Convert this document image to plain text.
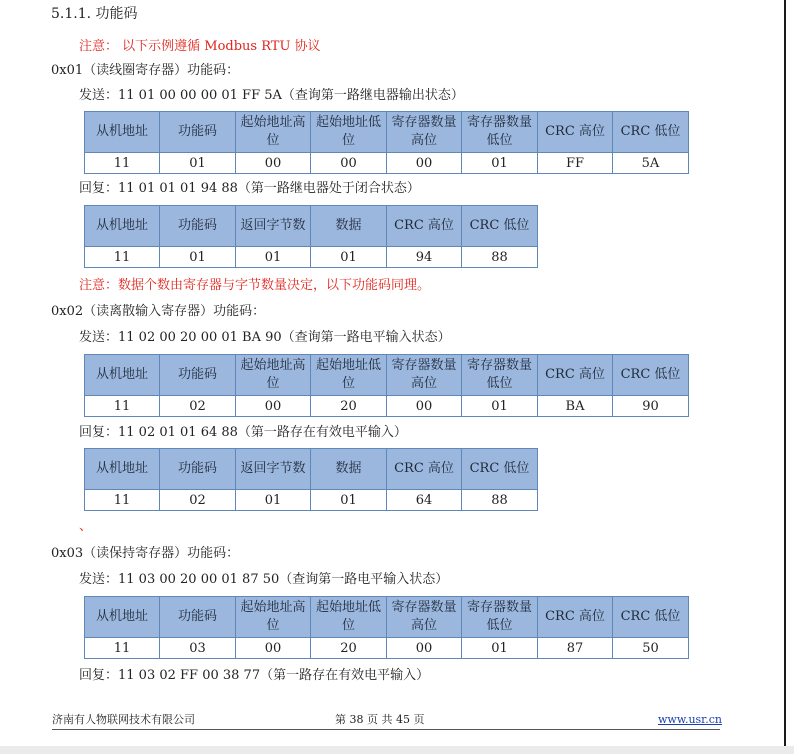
5.1.1. 功能码
注意： 以下示例遵循 Modbus RTU 协议
0x01（读线圈寄存器）功能码：
发送：11 01 00 00 00 01 FF 5A（查询第一路继电器输出状态）
从机地址	功能码	起始地址高位	起始地址低位	寄存器数量高位	寄存器数量低位	CRC 高位	CRC 低位
11	01	00	00	00	01	FF	5A
回复：11 01 01 01 94 88（第一路继电器处于闭合状态）
从机地址	功能码	返回字节数	数据	CRC 高位	CRC 低位
11	01	01	01	94	88
注意：数据个数由寄存器与字节数量决定，以下功能码同理。
0x02（读离散输入寄存器）功能码：
发送：11 02 00 20 00 01 BA 90（查询第一路电平输入状态）
从机地址	功能码	起始地址高位	起始地址低位	寄存器数量高位	寄存器数量低位	CRC 高位	CRC 低位
11	02	00	20	00	01	BA	90
回复：11 02 01 01 64 88（第一路存在有效电平输入）
从机地址	功能码	返回字节数	数据	CRC 高位	CRC 低位
11	02	01	01	64	88
、
0x03（读保持寄存器）功能码：
发送：11 03 00 20 00 01 87 50（查询第一路电平输入状态）
从机地址	功能码	起始地址高位	起始地址低位	寄存器数量高位	寄存器数量低位	CRC 高位	CRC 低位
11	03	00	20	00	01	87	50
回复：11 03 02 FF 00 38 77（第一路存在有效电平输入）
济南有人物联网技术有限公司	第 38 页 共 45 页	www.usr.cn
